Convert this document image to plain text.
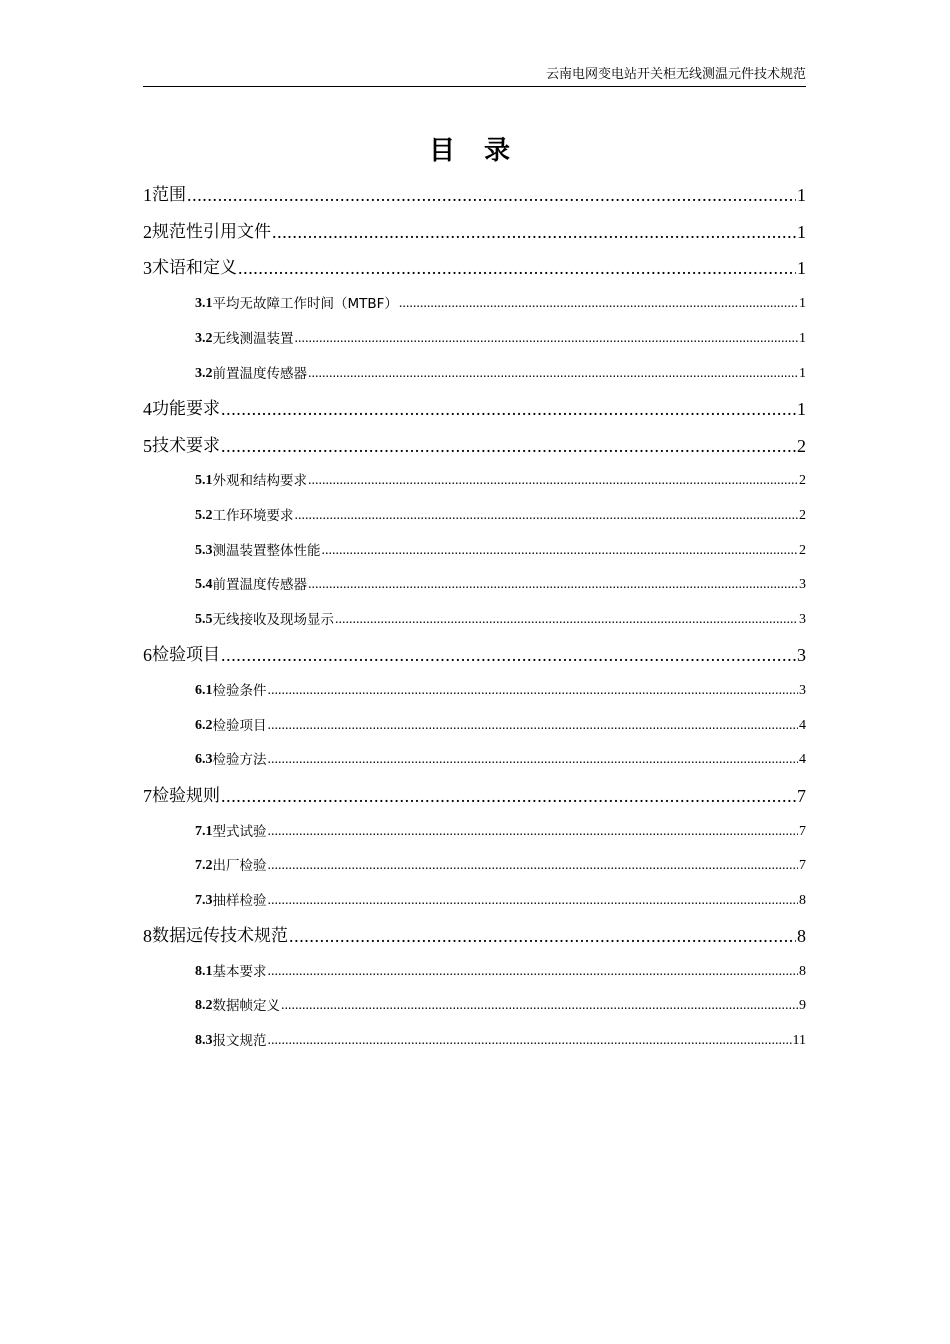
云南电网变电站开关柜无线测温元件技术规范
目 录
1 范围 .....	1
2 规范性引用文件 .....	1
3 术语和定义 .....	1
3.1 平均无故障工作时间（MTBF） .....	1
3.2 无线测温装置 .....	1
3.2 前置温度传感器 .....	1
4 功能要求 .....	1
5 技术要求 .....	2
5.1 外观和结构要求 .....	2
5.2 工作环境要求 .....	2
5.3 测温装置整体性能 .....	2
5.4 前置温度传感器 .....	3
5.5 无线接收及现场显示 .....	3
6 检验项目 .....	3
6.1 检验条件 .....	3
6.2 检验项目 .....	4
6.3 检验方法 .....	4
7 检验规则 .....	7
7.1 型式试验 .....	7
7.2 出厂检验 .....	7
7.3 抽样检验 .....	8
8 数据远传技术规范 .....	8
8.1 基本要求 .....	8
8.2 数据帧定义 .....	9
8.3 报文规范 .....	11
